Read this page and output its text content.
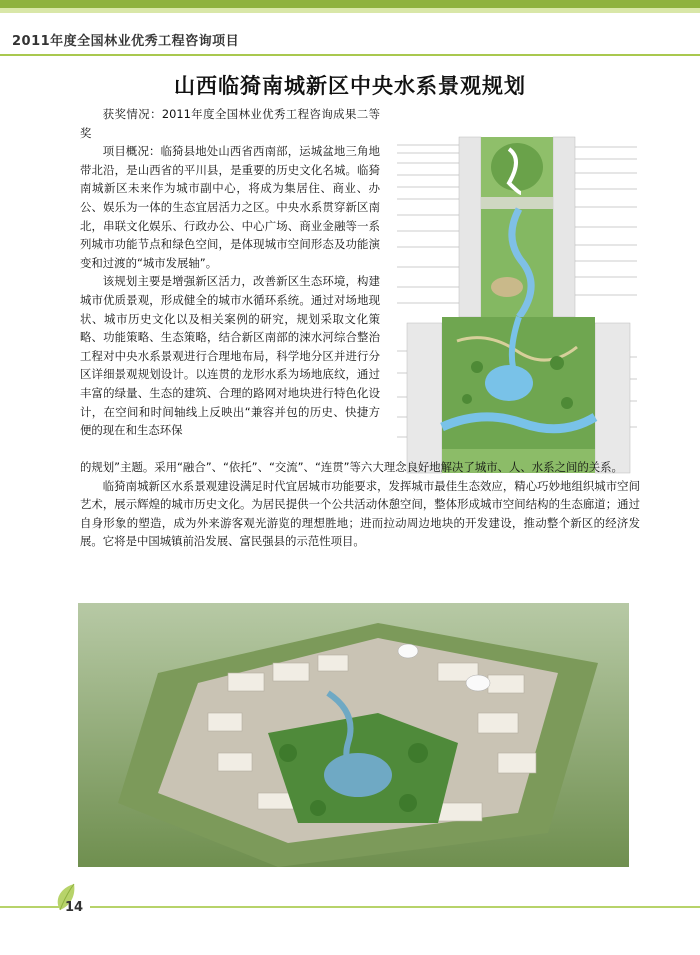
2011年度全国林业优秀工程咨询项目
山西临猗南城新区中央水系景观规划

获奖情况：2011年度全国林业优秀工程咨询成果二等奖

项目概况：临猗县地处山西省西南部，运城盆地三角地带北沿，是山西省的平川县，是重要的历史文化名城。临猗南城新区未来作为城市副中心，将成为集居住、商业、办公、娱乐为一体的生态宜居活力之区。中央水系贯穿新区南北，串联文化娱乐、行政办公、中心广场、商业金融等一系列城市功能节点和绿色空间，是体现城市空间形态及功能演变和过渡的“城市发展轴”。

该规划主要是增强新区活力，改善新区生态环境，构建城市优质景观，形成健全的城市水循环系统。通过对场地现状、城市历史文化以及相关案例的研究，规划采取文化策略、功能策略、生态策略，结合新区南部的涑水河综合整治工程对中央水系景观进行合理地布局，科学地分区并进行分区详细景观规划设计。以连贯的龙形水系为场地底纹，通过丰富的绿量、生态的建筑、合理的路网对地块进行特色化设计，在空间和时间轴线上反映出“兼容并包的历史、快捷方便的现在和生态环保

的规划”主题。采用“融合”、“依托”、“交流”、“连贯”等六大理念良好地解决了城市、人、水系之间的关系。

临猗南城新区水系景观建设满足时代宜居城市功能要求，发挥城市最佳生态效应，精心巧妙地组织城市空间艺术，展示辉煌的城市历史文化。为居民提供一个公共活动休憩空间，整体形成城市空间结构的生态廊道；通过自身形象的塑造，成为外来游客观光游览的理想胜地；进而拉动周边地块的开发建设，推动整个新区的经济发展。它将是中国城镇前沿发展、富民强县的示范性项目。

14
